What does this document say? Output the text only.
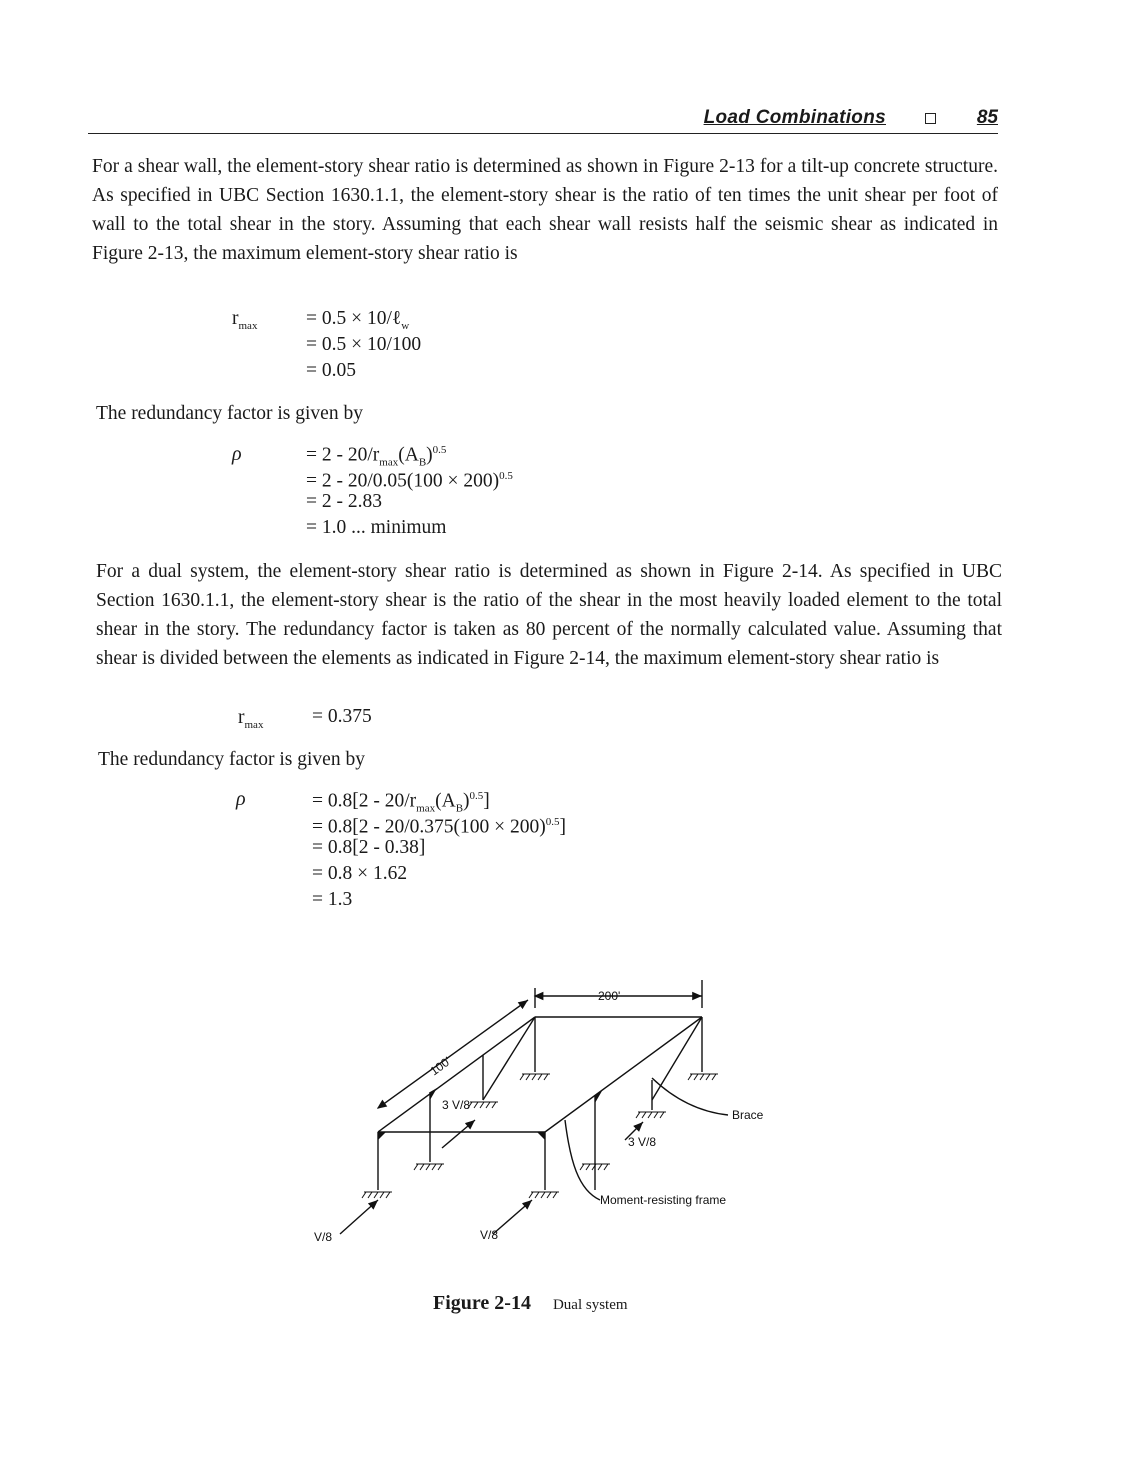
Load Combinations	85

For a shear wall, the element-story shear ratio is determined as shown in Figure 2-13 for a tilt-up concrete structure. As specified in UBC Section 1630.1.1, the element-story shear is the ratio of ten times the unit shear per foot of wall to the total shear in the story. Assuming that each shear wall resists half the seismic shear as indicated in Figure 2-13, the maximum element-story shear ratio is

$r_{max} = 0.5$ × 10/ℓ$_w$
= 0.5 × 10/100
= 0.05

The redundancy factor is given by

ρ	= $2 - 20/r_{max}(A_B)^{0.5}$
= $2 - 20/0.05(100 \times 200)^{0.5}$
= 2 - 2.83
= 1.0 ... minimum

For a dual system, the element-story shear ratio is determined as shown in Figure 2-14. As specified in UBC Section 1630.1.1, the element-story shear is the ratio of the shear in the most heavily loaded element to the total shear in the story. The redundancy factor is taken as 80 percent of the normally calculated value. Assuming that shear is divided between the elements as indicated in Figure 2-14, the maximum element-story shear ratio is

$r_{max} = 0.375$

The redundancy factor is given by

ρ	= $0.8[2 - 20/r_{max}(A_B)^{0.5}]$
= $0.8[2 - 20/0.375(100 \times 200)^{0.5}]$
= 0.8[2 - 0.38]
= 0.8 × 1.62
= 1.3
200'
100'
3 V/8
3 V/8
Brace
Moment-resisting frame
V/8	V/8
Figure 2-14 Dual system
